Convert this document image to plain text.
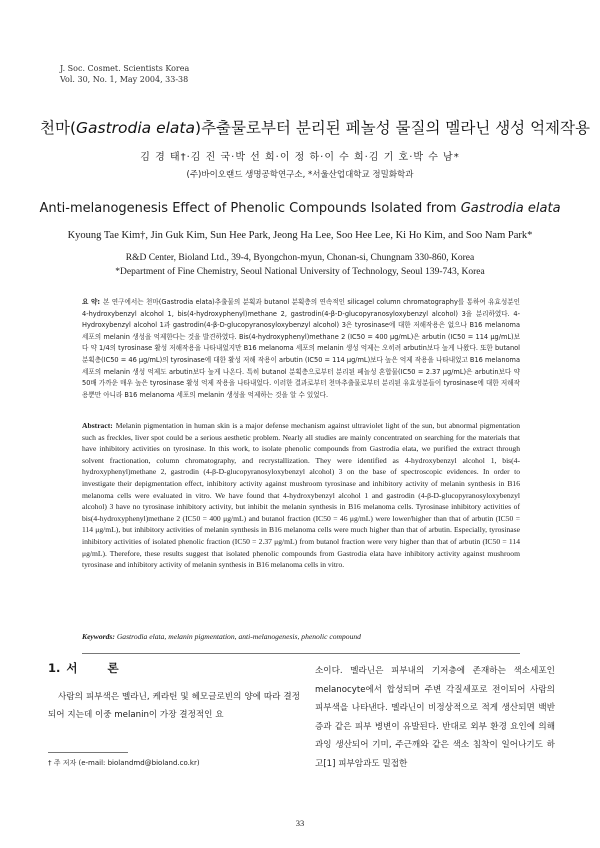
J. Soc. Cosmet. Scientists Korea
Vol. 30, No. 1, May 2004, 33-38
천마(Gastrodia elata)추출물로부터 분리된 페놀성 물질의 멜라닌 생성 억제작용
김 경 태†·김 진 국·박 선 희·이 정 하·이 수 희·김 기 호·박 수 남*
(주)바이오랜드 생명공학연구소, *서울산업대학교 정밀화학과
Anti-melanogenesis Effect of Phenolic Compounds Isolated from Gastrodia elata
Kyoung Tae Kim†, Jin Guk Kim, Sun Hee Park, Jeong Ha Lee, Soo Hee Lee, Ki Ho Kim, and Soo Nam Park*
R&D Center, Bioland Ltd., 39-4, Byongchon-myun, Chonan-si, Chungnam 330-860, Korea
*Department of Fine Chemistry, Seoul National University of Technology, Seoul 139-743, Korea
요 약: 본 연구에서는 천마(Gastrodia elata)추출물의 분획과 butanol 분획층의 연속적인 silicagel column chromatography를 통하여 유효성분인 4-hydroxybenzyl alcohol 1, bis(4-hydroxyphenyl)methane 2, gastrodin(4-β-D-glucopyranosyloxybenzyl alcohol) 3을 분리하였다. 4-Hydroxybenzyl alcohol 1과 gastrodin(4-β-D-glucopyranosyloxybenzyl alcohol) 3은 tyrosinase에 대한 저해작용은 없으나 B16 melanoma 세포의 melanin 생성을 억제한다는 것을 발견하였다. Bis(4-hydroxyphenyl)methane 2 (IC50 = 400 μg/mL)은 arbutin (IC50 = 114 μg/mL)보다 약 1/4의 tyrosinase 활성 저해작용을 나타내었지만 B16 melanoma 세포의 melanin 생성 억제는 오히려 arbutin보다 높게 나왔다. 또한 butanol 분획층(IC50 = 46 μg/mL)의 tyrosinase에 대한 활성 저해 작용이 arbutin (IC50 = 114 μg/mL)보다 높은 억제 작용을 나타내었고 B16 melanoma 세포의 melanin 생성 억제도 arbutin보다 높게 나온다. 특히 butanol 분획층으로부터 분리된 페놀성 혼합물(IC50 = 2.37 μg/mL)은 arbutin보다 약 50배 가까운 매우 높은 tyrosinase 활성 억제 작용을 나타내었다. 이러한 결과로부터 천마추출물로부터 분리된 유효성분들이 tyrosinase에 대한 저해작용뿐만 아니라 B16 melanoma 세포의 melanin 생성을 억제하는 것을 알 수 있었다.
Abstract: Melanin pigmentation in human skin is a major defense mechanism against ultraviolet light of the sun, but abnormal pigmentation such as freckles, liver spot could be a serious aesthetic problem. Nearly all studies are mainly concentrated on searching for the materials that have inhibitory activities on tyrosinase. In this work, to isolate phenolic compounds from Gastrodia elata, we purified the extract through solvent fractionation, column chromatography, and recrystallization. They were identified as 4-hydroxybenzyl alcohol 1, bis(4-hydroxyphenyl)methane 2, gastrodin (4-β-D-glucopyranosyloxybenzyl alcohol) 3 on the base of spectroscopic evidences. In order to investigate their depigmentation effect, inhibitory activity against mushroom tyrosinase and inhibitory activity of melanin synthesis in B16 melanoma cells were evaluated in vitro. We have found that 4-hydroxybenzyl alcohol 1 and gastrodin (4-β-D-glucopyranosyloxybenzyl alcohol) 3 have no tyrosinase inhibitory activity, but inhibit the melanin synthesis in B16 melanoma cells. Tyrosinase inhibitory activities of bis(4-hydroxyphenyl)methane 2 (IC50 = 400 μg/mL) and butanol fraction (IC50 = 46 μg/mL) were lower/higher than that of arbutin (IC50 = 114 μg/mL), but inhibitory activities of melanin synthesis in B16 melanoma cells were much higher than that of arbutin. Especially, tyrosinase inhibitory activities of isolated phenolic fraction (IC50 = 2.37 μg/mL) from butanol fraction were very higher than that of arbutin (IC50 = 114 μg/mL). Therefore, these results suggest that isolated phenolic compounds from Gastrodia elata have inhibitory activity against mushroom tyrosinase and inhibitory activity of melanin synthesis in B16 melanoma cells in vitro.
Keywords: Gastrodia elata, melanin pigmentation, anti-melanogenesis, phenolic compound
1. 서	론
사람의 피부색은 멜라닌, 케라틴 및 헤모글로빈의 양에 따라 결정되어 지는데 이중 melanin이 가장 결정적인 요
소이다. 멜라닌은 피부내의 기저층에 존재하는 색소세포인 melanocyte에서 합성되며 주변 각질세포로 전이되어 사람의 피부색을 나타낸다. 멜라닌이 비정상적으로 적게 생산되면 백반증과 같은 피부 병변이 유발된다. 반대로 외부 환경 요인에 의해 과잉 생산되어 기미, 주근깨와 같은 색소 침착이 일어나기도 하고[1] 피부암과도 밀접한
† 주 저자 (e-mail: biolandmd@bioland.co.kr)
33
